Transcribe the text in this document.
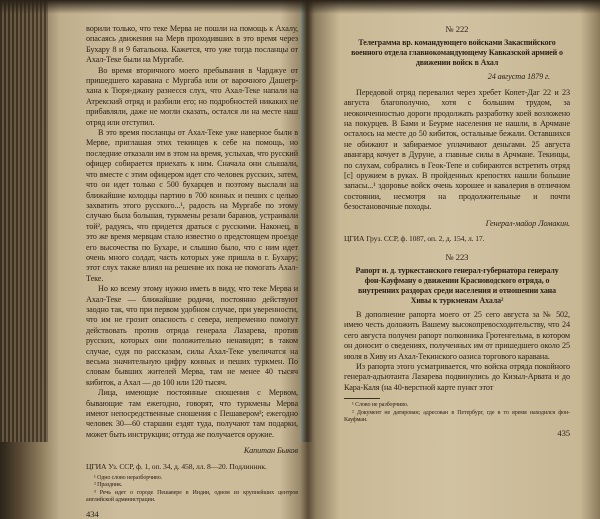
ворили только, что теке Мерва не пошли на помощь к Ахалу, опасаясь движения на Мерв проходивших в это время через Бухару 8 и 9 батальона. Кажется, что уже тогда посланцы от Ахал-Теке были на Мургабе.

Во время вторичного моего пребывания в Чарджуе от пришедшего каравана с Мургаба или от варочного Дашегр-хана к Тюря-джану разнесся слух, что Ахал-Теке напали на Атрекский отряд и разбили его; но подробностей никаких не прибавляли, даже не могли сказать, остался ли на месте наш отряд или отступил.

В это время посланцы от Ахал-Теке уже наверное были в Мерве, приглашая этих текинцев к себе на помощь, но последние отказали им в этом на время, услыхав, что русский офицер собирается приехать к ним. Сначала они слышали, что вместе с этим офицером идет сто человек русских, затем, что он идет только с 500 бухарцев и поэтому выслали на ближайшие колодцы партию в 700 конных и пеших с целью захватить этого русского...¹, радость на Мургабе по этому случаю была большая, туркмены резали баранов, устраивали той², радуясь, что придется драться с русскими. Наконец, в это же время мервцам стало известно о предстоящем проезде его высочества по Бухаре, и слышно было, что с ним идет очень много солдат, часть которых уже пришла в г. Бухару; этот слух также влиял на решение их пока не помогать Ахал-Теке.

Но ко всему этому нужно иметь в виду, что теке Мерва и Ахал-Теке — ближайшие родичи, постоянно действуют заодно так, что при первом удобном случае, при уверенности, что им не грозит опасность с севера, непременно помогут действовать против отряда генерала Лазарева, против русских, которых они положительно ненавидят; в таком случае, судя по рассказам, силы Ахал-Теке увеличатся на весьма значительную цифру конных и пеших туркмен. По словам бывших жителей Мерва, там не менее 40 тысяч кибиток, а Ахал — до 100 или 120 тысяч.

Лица, имеющие постоянные сношения с Мервом, бывающие там ежегодно, говорят, что туркмены Мерва имеют непосредственные сношения с Пешавером³; ежегодно человек 30—60 старшин ездят туда, получают там подарки, может быть инструкции; оттуда же получается оружие.

Капитан Быков
ЦГИА Уз. ССР, ф. 1, оп. 34, д. 458, лл. 8—20. Подлинник.

¹ Одно слово неразборчиво.

² Праздник.

³ Речь идет о городе Пешавере в Индии, одном из крупнейших центров английской администрации.

434
№ 222
Телеграмма вр. командующего войсками Закаспийского военного отдела главнокомандующему Кавказской армией о движении войск в Ахал
24 августа 1879 г.

Передовой отряд перевалил через хребет Копет-Даг 22 и 23 августа благополучно, хотя с большим трудом, за неоконченностью дороги продолжать разработку коей возложено на покурцев. В Бами и Беурме населения не нашли, в Арчмане осталось на месте до 50 кибиток, остальные бежали. Оставшихся не обижают и забираемое уплачивают деньгами. 25 августа авангард кочует в Дуруне, а главные силы в Арчмане. Текинцы, по слухам, собрались в Геок-Тепе и собираются встретить отряд [с] оружием в руках. В пройденных крепостях нашли большие запасы...¹ здоровье войск очень хорошее и кавалерия в отличном состоянии, несмотря на продолжительные и почти безостановочные походы.

Генерал-майор Ломакин.
ЦГИА Груз. ССР, ф. 1087, оп. 2, д. 154, л. 17.
№ 223
Рапорт и. д. туркестанского генерал-губернатора генералу фон-Кауфману о движении Красноводского отряда, о внутренних раздорах среди населения и отношении хана Хивы к туркменам Ахала²

В дополнение рапорта моего от 25 сего августа за № 502, имею честь доложить Вашему высокопревосходительству, что 24 сего августа получен рапорт полковника Гротенгельма, в котором он доносит о сведениях, полученных им от пришедшего около 25 июля в Хиву из Ахал-Текинского оазиса торгового каравана.

Из рапорта этого усматривается, что войска отряда покойного генерал-адъютанта Лазарева подвинулись до Кизыл-Арвата и до Кара-Каля (на 40-верстной карте пункт этот

¹ Слово не разборчиво.

² Документ не датирован; адресован в Петербург, где в то время находился фон-Кауфман.

435
